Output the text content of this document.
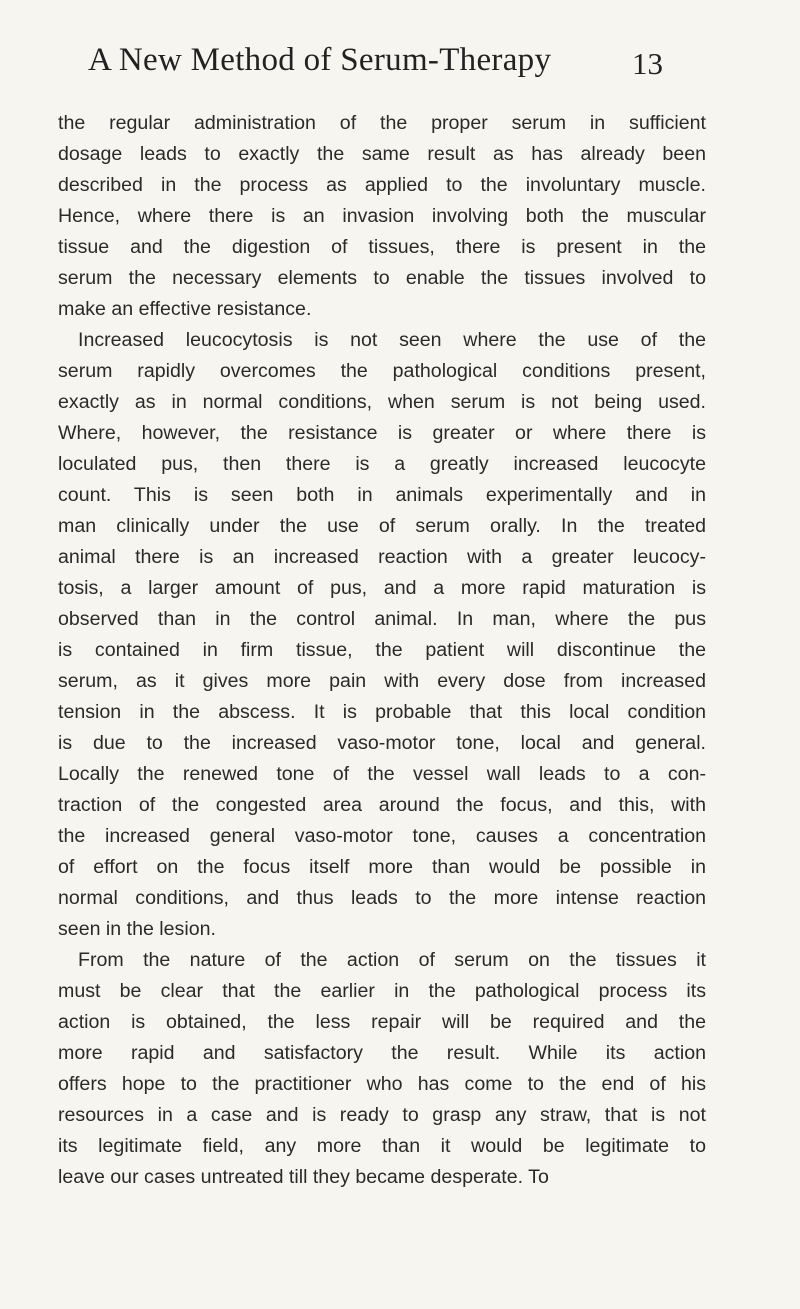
A New Method of Serum-Therapy	13
the regular administration of the proper serum in sufficient
dosage leads to exactly the same result as has already been
described in the process as applied to the involuntary muscle.
Hence, where there is an invasion involving both the muscular
tissue and the digestion of tissues, there is present in the
serum the necessary elements to enable the tissues involved to
make an effective resistance.
Increased leucocytosis is not seen where the use of the
serum rapidly overcomes the pathological conditions present,
exactly as in normal conditions, when serum is not being used.
Where, however, the resistance is greater or where there is
loculated pus, then there is a greatly increased leucocyte
count. This is seen both in animals experimentally and in
man clinically under the use of serum orally. In the treated
animal there is an increased reaction with a greater leucocy-
tosis, a larger amount of pus, and a more rapid maturation is
observed than in the control animal. In man, where the pus
is contained in firm tissue, the patient will discontinue the
serum, as it gives more pain with every dose from increased
tension in the abscess. It is probable that this local condition
is due to the increased vaso-motor tone, local and general.
Locally the renewed tone of the vessel wall leads to a con-
traction of the congested area around the focus, and this, with
the increased general vaso-motor tone, causes a concentration
of effort on the focus itself more than would be possible in
normal conditions, and thus leads to the more intense reaction
seen in the lesion.
From the nature of the action of serum on the tissues it
must be clear that the earlier in the pathological process its
action is obtained, the less repair will be required and the
more rapid and satisfactory the result. While its action
offers hope to the practitioner who has come to the end of his
resources in a case and is ready to grasp any straw, that is not
its legitimate field, any more than it would be legitimate to
leave our cases untreated till they became desperate. To
